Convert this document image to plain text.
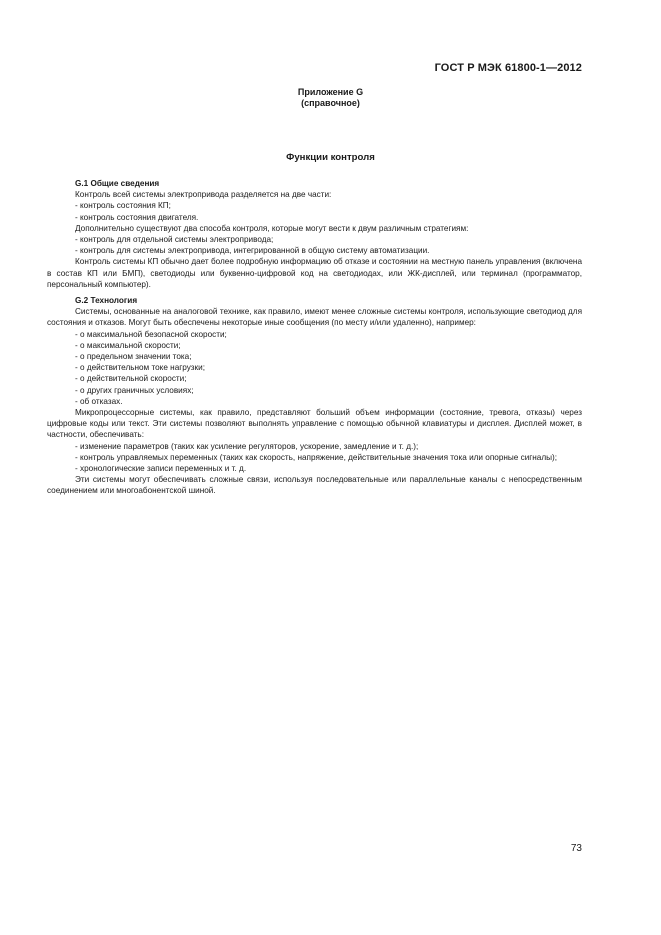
ГОСТ Р МЭК 61800-1—2012
Приложение G
(справочное)
Функции контроля

G.1 Общие сведения

Контроль всей системы электропривода разделяется на две части:

- контроль состояния КП;

- контроль состояния двигателя.

Дополнительно существуют два способа контроля, которые могут вести к двум различным стратегиям:

- контроль для отдельной системы электропривода;

- контроль для системы электропривода, интегрированной в общую систему автоматизации.

Контроль системы КП обычно дает более подробную информацию об отказе и состоянии на местную панель управления (включена в состав КП или БМП), светодиоды или буквенно-цифровой код на светодиодах, или ЖК-дисплей, или терминал (программатор, персональный компьютер).

G.2 Технология

Системы, основанные на аналоговой технике, как правило, имеют менее сложные системы контроля, использующие светодиод для состояния и отказов. Могут быть обеспечены некоторые иные сообщения (по месту и/или удаленно), например:

- о максимальной безопасной скорости;

- о максимальной скорости;

- о предельном значении тока;

- о действительном токе нагрузки;

- о действительной скорости;

- о других граничных условиях;

- об отказах.

Микропроцессорные системы, как правило, представляют больший объем информации (состояние, тревога, отказы) через цифровые коды или текст. Эти системы позволяют выполнять управление с помощью обычной клавиатуры и дисплея. Дисплей может, в частности, обеспечивать:

- изменение параметров (таких как усиление регуляторов, ускорение, замедление и т. д.);

- контроль управляемых переменных (таких как скорость, напряжение, действительные значения тока или опорные сигналы);

- хронологические записи переменных и т. д.

Эти системы могут обеспечивать сложные связи, используя последовательные или параллельные каналы с непосредственным соединением или многоабонентской шиной.

73
